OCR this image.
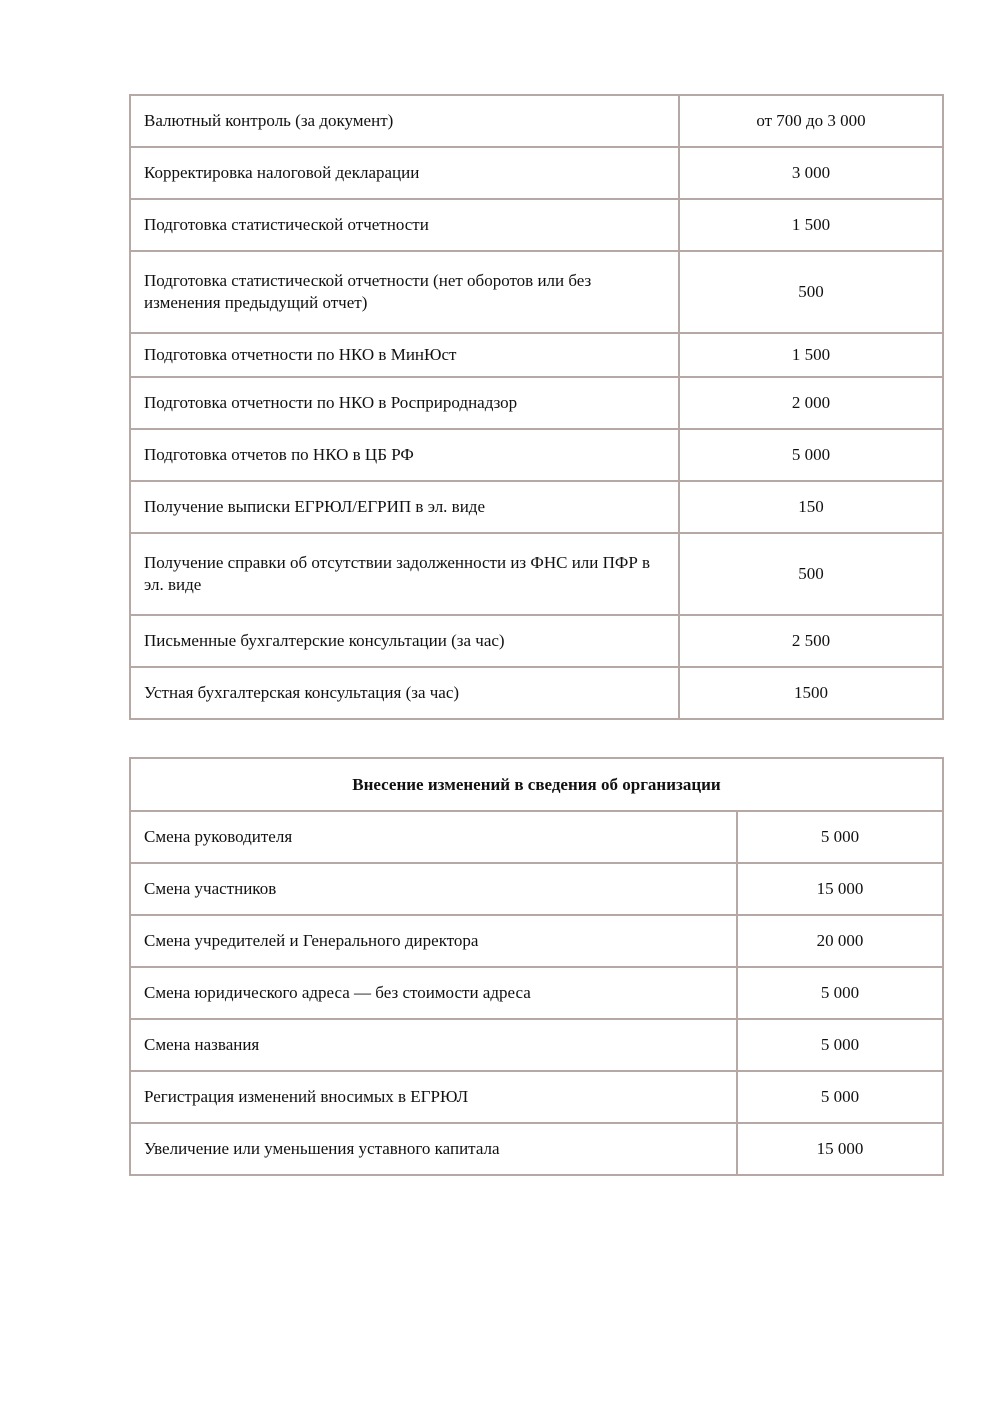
Валютный контроль (за документ)	от 700 до 3 000
Корректировка налоговой декларации	3 000
Подготовка статистической отчетности	1 500
Подготовка статистической отчетности (нет оборотов или без изменения предыдущий отчет)	500
Подготовка отчетности по НКО в МинЮст	1 500
Подготовка отчетности по НКО в Росприроднадзор	2 000
Подготовка отчетов по НКО в ЦБ РФ	5 000
Получение выписки ЕГРЮЛ/ЕГРИП в эл. виде	150
Получение справки об отсутствии задолженности из ФНС или ПФР в эл. виде	500
Письменные бухгалтерские консультации (за час)	2 500
Устная бухгалтерская консультация (за час)	1500
Внесение изменений в сведения об организации	
Смена руководителя	5 000
Смена участников	15 000
Смена учредителей и Генерального директора	20 000
Смена юридического адреса — без стоимости адреса	5 000
Смена названия	5 000
Регистрация изменений вносимых в ЕГРЮЛ	5 000
Увеличение или уменьшения уставного капитала	15 000
